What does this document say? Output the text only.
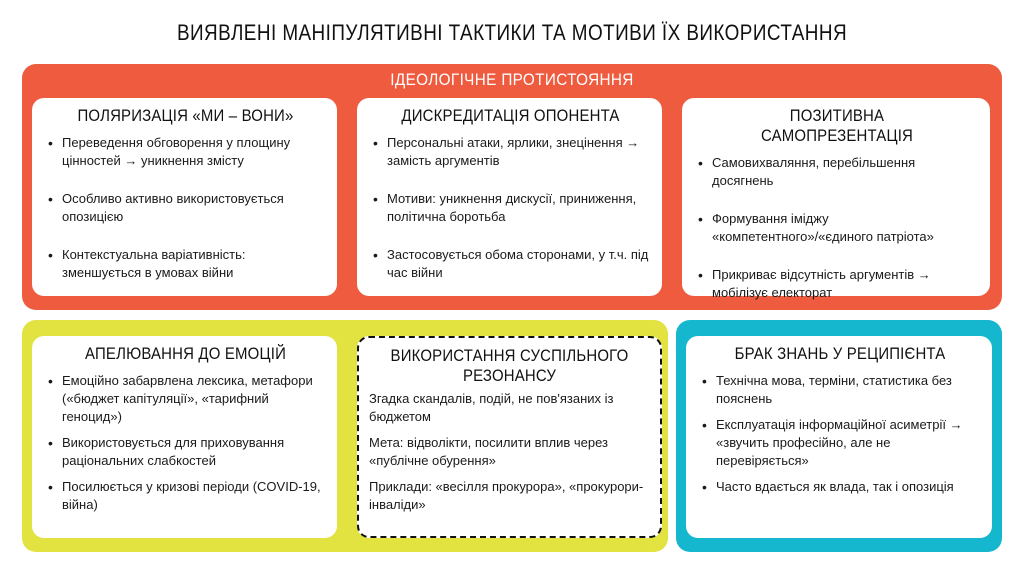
ВИЯВЛЕНІ МАНІПУЛЯТИВНІ ТАКТИКИ ТА МОТИВИ ЇХ ВИКОРИСТАННЯ
ІДЕОЛОГІЧНЕ ПРОТИСТОЯННЯ
ПОЛЯРИЗАЦІЯ «МИ – ВОНИ»
• Переведення обговорення у площину цінностей → уникнення змісту
• Особливо активно використовується опозицією
• Контекстуальна варіативність: зменшується в умовах війни
ДИСКРЕДИТАЦІЯ ОПОНЕНТА
• Персональні атаки, ярлики, знецінення → замість аргументів
• Мотиви: уникнення дискусії, приниження, політична боротьба
• Застосовується обома сторонами, у т.ч. під час війни
ПОЗИТИВНА САМОПРЕЗЕНТАЦІЯ
• Самовихваляння, перебільшення досягнень
• Формування іміджу «компетентного»/«єдиного патріота»
• Прикриває відсутність аргументів → мобілізує електорат
АПЕЛЮВАННЯ ДО ЕМОЦІЙ
• Емоційно забарвлена лексика, метафори («бюджет капітуляції», «тарифний геноцид»)
• Використовується для приховування раціональних слабкостей
• Посилюється у кризові періоди (COVID-19, війна)
ВИКОРИСТАННЯ СУСПІЛЬНОГО РЕЗОНАНСУ

Згадка скандалів, подій, не пов'язаних із бюджетом

Мета: відволікти, посилити вплив через «публічне обурення»

Приклади: «весілля прокурора», «прокурори-інваліди»

БРАК ЗНАНЬ У РЕЦИПІЄНТА
• Технічна мова, терміни, статистика без пояснень
• Експлуатація інформаційної асиметрії → «звучить професійно, але не перевіряється»
• Часто вдається як влада, так і опозиція
